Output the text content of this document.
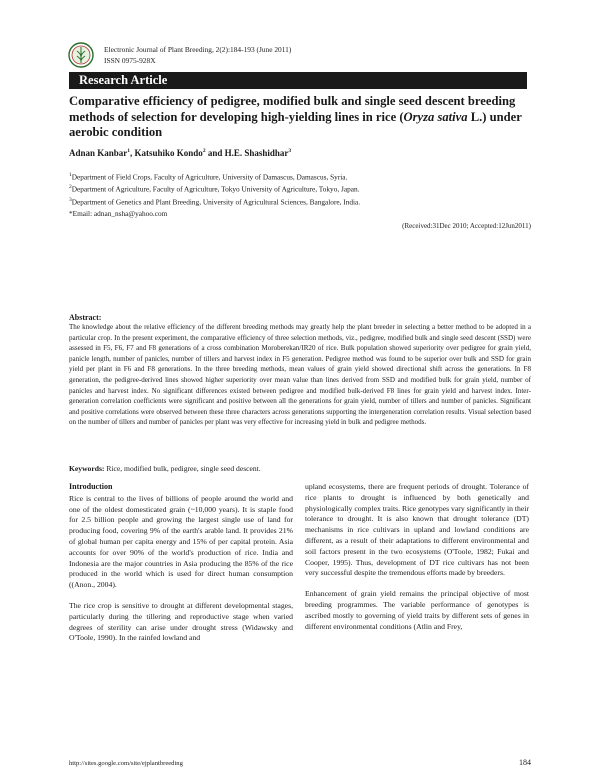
Electronic Journal of Plant Breeding, 2(2):184-193 (June 2011)
ISSN 0975-928X
Research Article
Comparative efficiency of pedigree, modified bulk and single seed descent breeding methods of selection for developing high-yielding lines in rice (Oryza sativa L.) under aerobic condition
Adnan Kanbar$^1$, Katsuhiko Kondo$^2$ and H.E. Shashidhar$^3$
$^1$Department of Field Crops, Faculty of Agriculture, University of Damascus, Damascus, Syria.
$^2$Department of Agriculture, Faculty of Agriculture, Tokyo University of Agriculture, Tokyo, Japan.
$^3$Department of Genetics and Plant Breeding, University of Agricultural Sciences, Bangalore, India.
*Email: adnan_nsha@yahoo.com
(Received:31Dec 2010; Accepted:12Jun2011)
Abstract:

The knowledge about the relative efficiency of the different breeding methods may greatly help the plant breeder in selecting a better method to be adopted in a particular crop. In the present experiment, the comparative efficiency of three selection methods, viz., pedigree, modified bulk and single seed descent (SSD) were assessed in F5, F6, F7 and F8 generations of a cross combination Moroberekan/IR20 of rice. Bulk population showed superiority over pedigree for grain yield, panicle length, number of panicles, number of tillers and harvest index in F5 generation. Pedigree method was found to be superior over bulk and SSD for grain yield per plant in F6 and F8 generations. In the three breeding methods, mean values of grain yield showed directional shift across the generations. In F8 generation, the pedigree-derived lines showed higher superiority over mean value than lines derived from SSD and modified bulk for grain yield, number of panicles and harvest index. No significant differences existed between pedigree and modified bulk-derived F8 lines for grain yield and harvest index. Inter-generation correlation coefficients were significant and positive between all the generations for grain yield, number of tillers and number of panicles. Significant and positive correlations were observed between these three characters across generations supporting the intergeneration correlation results. Visual selection based on the number of tillers and number of panicles per plant was very effective for increasing yield in bulk and pedigree methods.

Keywords: Rice, modified bulk, pedigree, single seed descent.
Introduction

Rice is central to the lives of billions of people around the world and one of the oldest domesticated grain (~10,000 years). It is staple food for 2.5 billion people and growing the largest single use of land for producing food, covering 9% of the earth's arable land. It provides 21% of global human per capita energy and 15% of per capital protein. Asia accounts for over 90% of the world's production of rice. India and Indonesia are the major countries in Asia producing the 85% of the rice produced in the world which is used for direct human consumption ((Anon., 2004).

The rice crop is sensitive to drought at different developmental stages, particularly during the tillering and reproductive stage when varied degrees of sterility can arise under drought stress (Widawsky and O'Toole, 1990). In the rainfed lowland and

upland ecosystems, there are frequent periods of drought. Tolerance of rice plants to drought is influenced by both genetically and physiologically complex traits. Rice genotypes vary significantly in their tolerance to drought. It is also known that drought tolerance (DT) mechanisms in rice cultivars in upland and lowland conditions are different, as a result of their adaptations to different environmental and soil factors present in the two ecosystems (O'Toole, 1982; Fukai and Cooper, 1995). Thus, development of DT rice cultivars has not been very successful despite the tremendous efforts made by breeders.

Enhancement of grain yield remains the principal objective of most breeding programmes. The variable performance of genotypes is ascribed mostly to governing of yield traits by different sets of genes in different environmental conditions (Atlin and Frey,

http://sites.google.com/site/ejplantbreeding	184
